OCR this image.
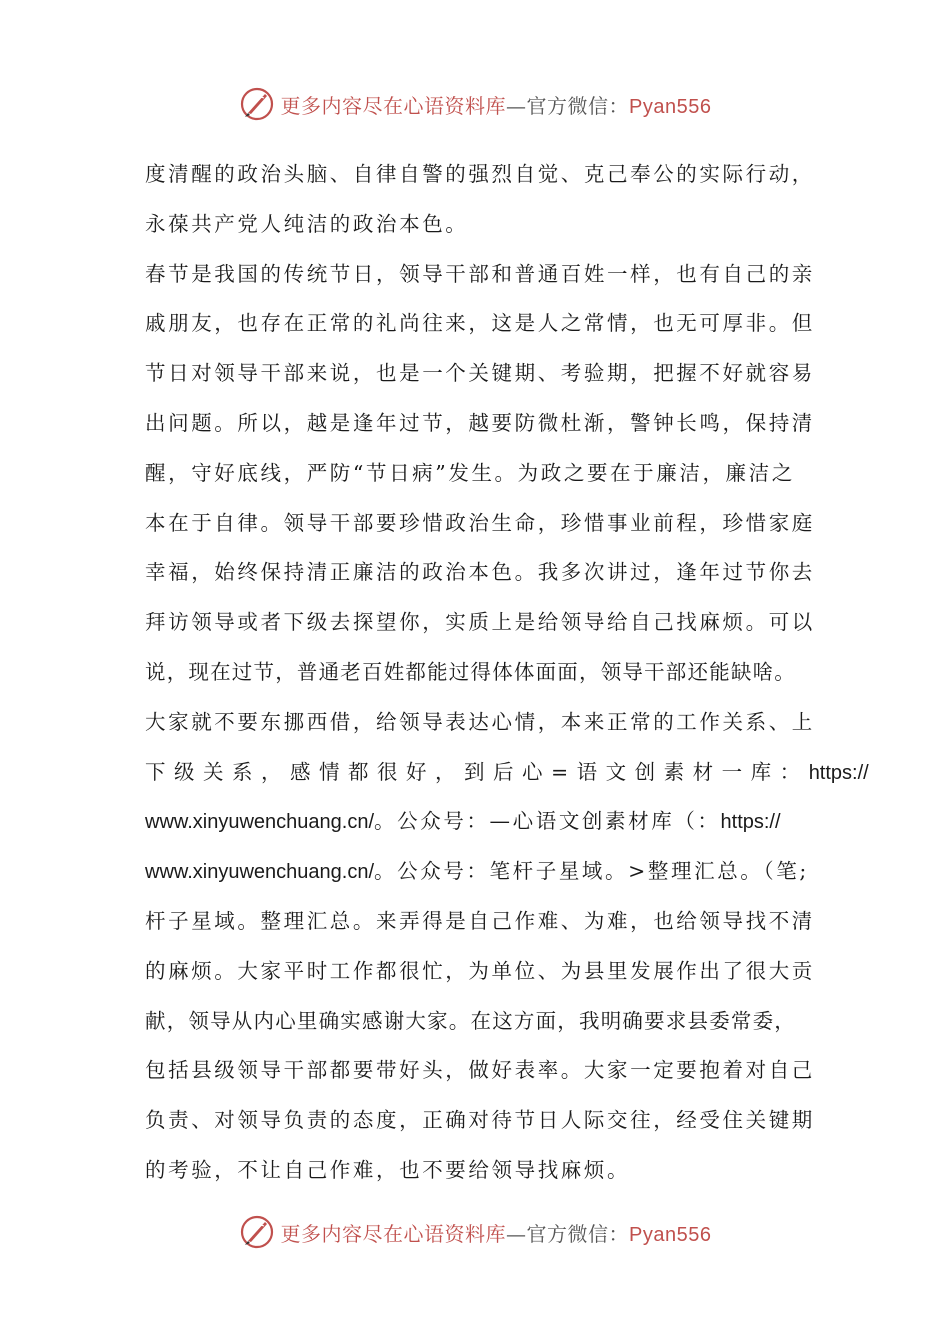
更多内容尽在心语资料库—官方微信：Pyan556
度清醒的政治头脑、自律自警的强烈自觉、克己奉公的实际行动，
永葆共产党人纯洁的政治本色。
春节是我国的传统节日，领导干部和普通百姓一样，也有自己的亲
戚朋友，也存在正常的礼尚往来，这是人之常情，也无可厚非。但
节日对领导干部来说，也是一个关键期、考验期，把握不好就容易
出问题。所以，越是逢年过节，越要防微杜渐，警钟长鸣，保持清
醒，守好底线，严防“节日病”发生。为政之要在于廉洁，廉洁之
本在于自律。领导干部要珍惜政治生命，珍惜事业前程，珍惜家庭
幸福，始终保持清正廉洁的政治本色。我多次讲过，逢年过节你去
拜访领导或者下级去探望你，实质上是给领导给自己找麻烦。可以
说，现在过节，普通老百姓都能过得体体面面，领导干部还能缺啥。
大家就不要东挪西借，给领导表达心情，本来正常的工作关系、上
下级关系，感情都很好，到后心=语文创素材一库：https://
www.xinyuwenchuang.cn/。公众号：—心语文创素材库（：https://
www.xinyuwenchuang.cn/。公众号：笔杆子星域。>整理汇总。（笔;
杆子星域。整理汇总。来弄得是自己作难、为难，也给领导找不清
的麻烦。大家平时工作都很忙，为单位、为县里发展作出了很大贡
献，领导从内心里确实感谢大家。在这方面，我明确要求县委常委，
包括县级领导干部都要带好头，做好表率。大家一定要抱着对自己
负责、对领导负责的态度，正确对待节日人际交往，经受住关键期
的考验，不让自己作难，也不要给领导找麻烦。
更多内容尽在心语资料库—官方微信：Pyan556
